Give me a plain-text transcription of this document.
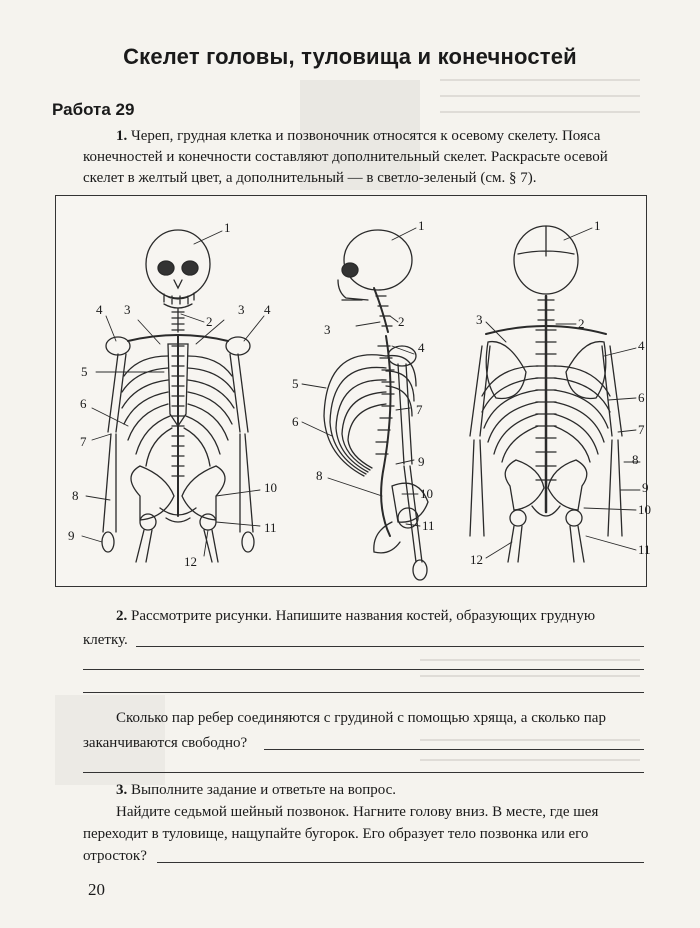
Скелет головы, туловища и конечностей
Работа 29
1. Череп, грудная клетка и позвоночник относятся к осевому скелету. Пояса
конечностей и конечности составляют дополнительный скелет. Раскрасьте осевой
скелет в желтый цвет, а дополнительный — в светло-зеленый (см. § 7).
1
2
3	3
4	4
5
6
7
8
9
10
11
12
1
2
3
4
5
6
7
8
9
10
11
1
2
3
4
6
7
8
9
10
11
12
2. Рассмотрите рисунки. Напишите названия костей, образующих грудную
клетку.
Сколько пар ребер соединяются с грудиной с помощью хряща, а сколько пар
заканчиваются свободно?
3. Выполните задание и ответьте на вопрос.
Найдите седьмой шейный позвонок. Нагните голову вниз. В месте, где шея
переходит в туловище, нащупайте бугорок. Его образует тело позвонка или его
отросток?
20
